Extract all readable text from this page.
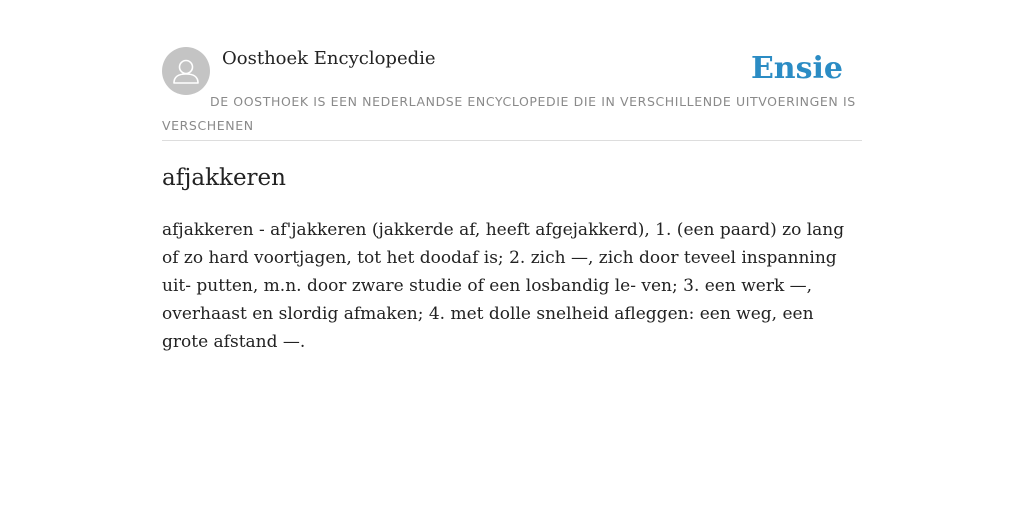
Oosthoek Encyclopedie	Ensie
DE OOSTHOEK IS EEN NEDERLANDSE ENCYCLOPEDIE DIE IN VERSCHILLENDE UITVOERINGEN IS VERSCHENEN
afjakkeren

afjakkeren - af'jakkeren (jakkerde af, heeft afgejakkerd), 1. (een paard) zo lang of zo hard voortjagen, tot het doodaf is; 2. zich —, zich door teveel inspanning uit- putten, m.n. door zware studie of een losbandig le- ven; 3. een werk —, overhaast en slordig afmaken; 4. met dolle snelheid afleggen: een weg, een grote afstand —.
